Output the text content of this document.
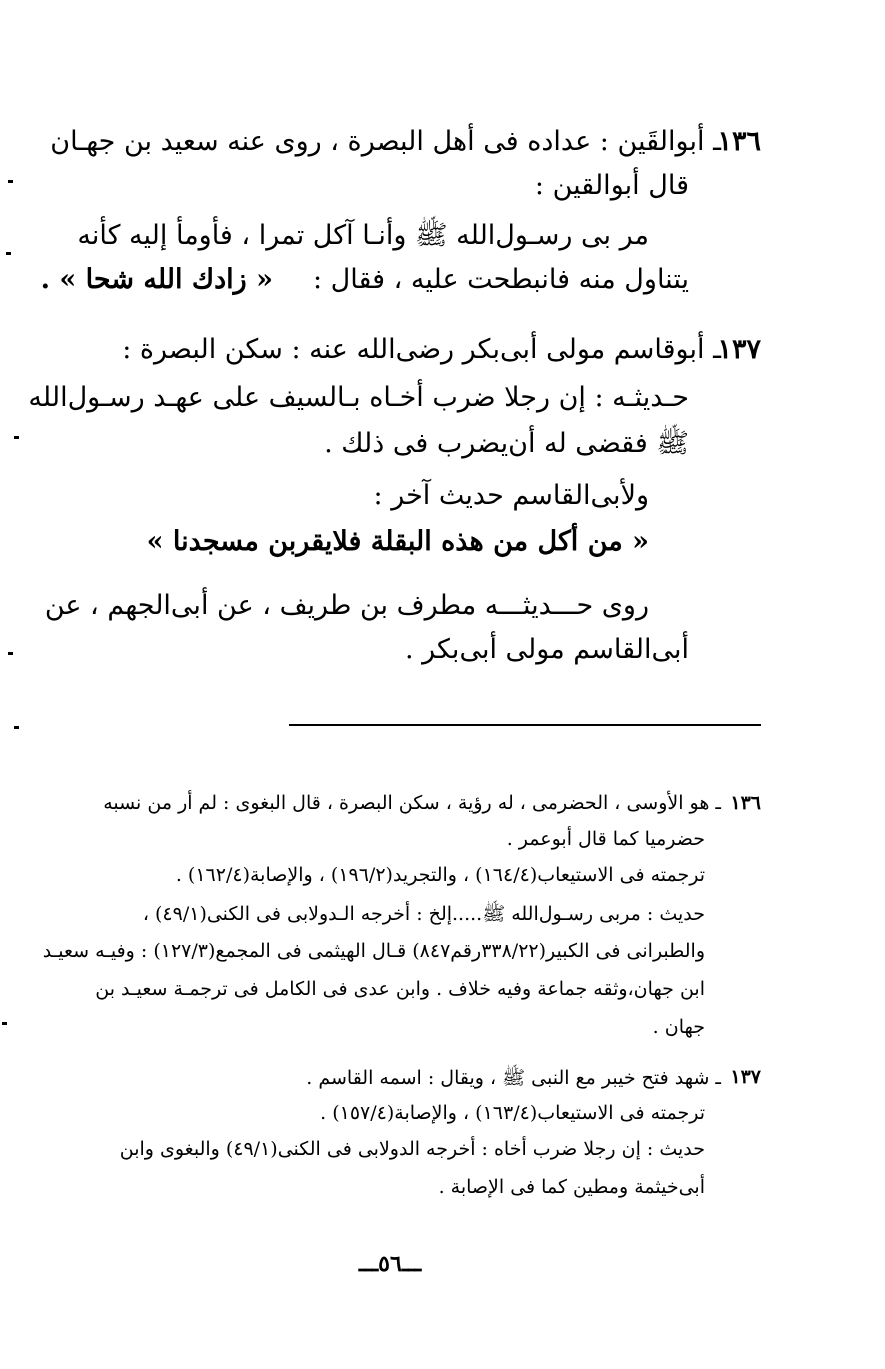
١٣٦
ـ أبوالقَين : عداده فى أهل البصرة ، روى عنه سعيد بن جهـان
قال أبوالقين :
مر بى رسـول‌الله ﷺ وأنـا آكل تمرا ، فأومأ إليه كأنه
يتناول منه فانبطحت عليه ، فقال :
« زادك الله شحا » .
١٣٧
ـ أبوقاسم مولى أبى‌بكر رضى‌الله عنه : سكن البصرة :
حـديثـه : إن رجلا ضرب أخـاه بـالسيف على عهـد رسـول‌الله
ﷺ فقضى له أن‌يضرب فى ذلك .
ولأبى‌القاسم حديث آخر :
« من أكل من هذه البقلة فلايقربن مسجدنا »
روى حـــديثـــه مطرف بن طريف ، عن أبى‌الجهم ، عن
أبى‌القاسم مولى أبى‌بكر .
١٣٦
ـ هو الأوسى ، الحضرمى ، له رؤية ، سكن البصرة ، قال البغوى : لم أر من نسبه
حضرميا كما قال أبوعمر .
ترجمته فى الاستيعاب(١٦٤/٤) ، والتجريد(١٩٦/٢) ، والإصابة(١٦٢/٤) .
حديث : مربى رسـول‌الله ﷺ.....إلخ : أخرجه الـدولابى فى الكنى(٤٩/١) ،
والطبرانى فى الكبير(٣٣٨/٢٢رقم٨٤٧) قـال الهيثمى فى المجمع(١٢٧/٣) : وفيـه سعيـد
ابن جهان،وثقه جماعة وفيه خلاف . وابن عدى فى الكامل فى ترجمـة سعيـد بن
جهان .
١٣٧
ـ شهد فتح خيبر مع النبى ﷺ ، ويقال : اسمه القاسم .
ترجمته فى الاستيعاب(١٦٣/٤) ، والإصابة(١٥٧/٤) .
حديث : إن رجلا ضرب أخاه : أخرجه الدولابى فى الكنى(٤٩/١) والبغوى وابن
أبى‌خيثمة ومطين كما فى الإصابة .
ـــ٥٦ـــ
